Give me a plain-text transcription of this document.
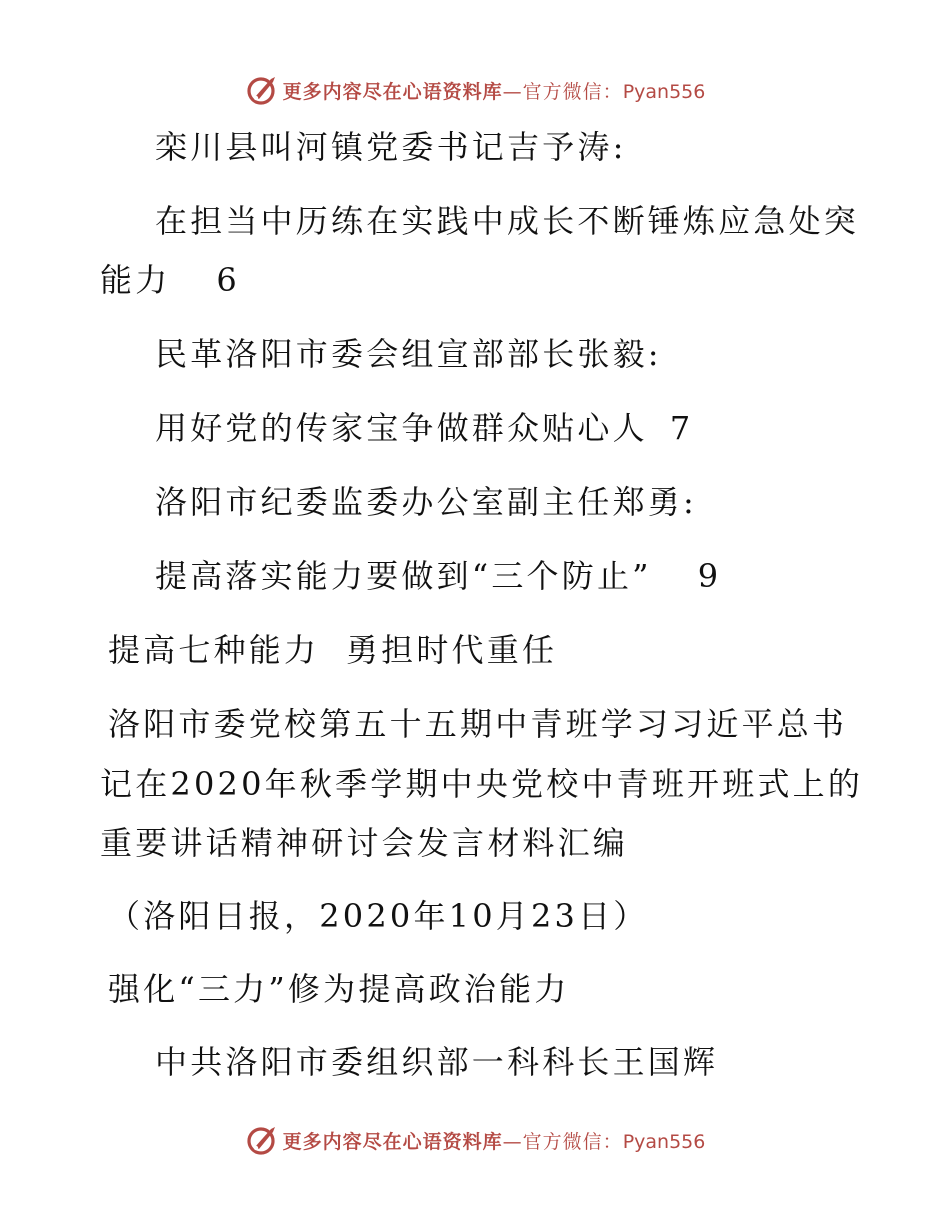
更多内容尽在心语资料库—官方微信：Pyan556
栾川县叫河镇党委书记吉予涛:
在担当中历练在实践中成长不断锤炼应急处突
能力 6
民革洛阳市委会组宣部部长张毅:
用好党的传家宝争做群众贴心人 7
洛阳市纪委监委办公室副主任郑勇:
提高落实能力要做到“三个防止” 9
提高七种能力  勇担时代重任
洛阳市委党校第五十五期中青班学习习近平总书
记在2020年秋季学期中央党校中青班开班式上的
重要讲话精神研讨会发言材料汇编
（洛阳日报，2020年10月23日）
强化“三力”修为提高政治能力
中共洛阳市委组织部一科科长王国辉
更多内容尽在心语资料库—官方微信：Pyan556
